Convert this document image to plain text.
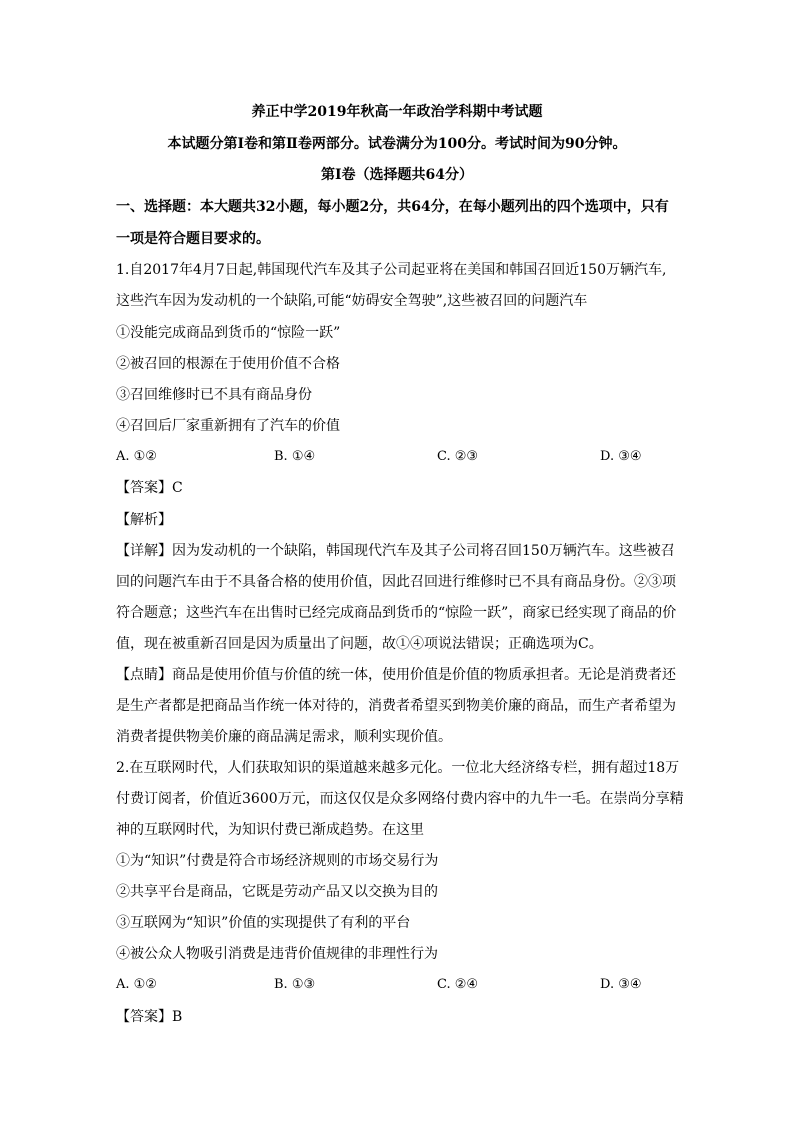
养正中学2019年秋高一年政治学科期中考试题
本试题分第Ⅰ卷和第Ⅱ卷两部分。试卷满分为100分。考试时间为90分钟。
第Ⅰ卷（选择题共64分）
一、选择题：本大题共32小题，每小题2分，共64分，在每小题列出的四个选项中，只有
一项是符合题目要求的。
1.自2017年4月7日起,韩国现代汽车及其子公司起亚将在美国和韩国召回近150万辆汽车,
这些汽车因为发动机的一个缺陷,可能“妨碍安全驾驶”,这些被召回的问题汽车
①没能完成商品到货币的“惊险一跃”
②被召回的根源在于使用价值不合格
③召回维修时已不具有商品身份
④召回后厂家重新拥有了汽车的价值
A. ①②	B. ①④	C. ②③	D. ③④
【答案】C
【解析】
【详解】因为发动机的一个缺陷，韩国现代汽车及其子公司将召回150万辆汽车。这些被召
回的问题汽车由于不具备合格的使用价值，因此召回进行维修时已不具有商品身份。②③项
符合题意；这些汽车在出售时已经完成商品到货币的“惊险一跃”，商家已经实现了商品的价
值，现在被重新召回是因为质量出了问题，故①④项说法错误；正确选项为C。
【点睛】商品是使用价值与价值的统一体，使用价值是价值的物质承担者。无论是消费者还
是生产者都是把商品当作统一体对待的，消费者希望买到物美价廉的商品，而生产者希望为
消费者提供物美价廉的商品满足需求，顺利实现价值。
2.在互联网时代，人们获取知识的渠道越来越多元化。一位北大经济络专栏，拥有超过18万
付费订阅者，价值近3600万元，而这仅仅是众多网络付费内容中的九牛一毛。在崇尚分享精
神的互联网时代，为知识付费已渐成趋势。在这里
①为“知识”付费是符合市场经济规则的市场交易行为
②共享平台是商品，它既是劳动产品又以交换为目的
③互联网为“知识”价值的实现提供了有利的平台
④被公众人物吸引消费是违背价值规律的非理性行为
A. ①②	B. ①③	C. ②④	D. ③④
【答案】B
